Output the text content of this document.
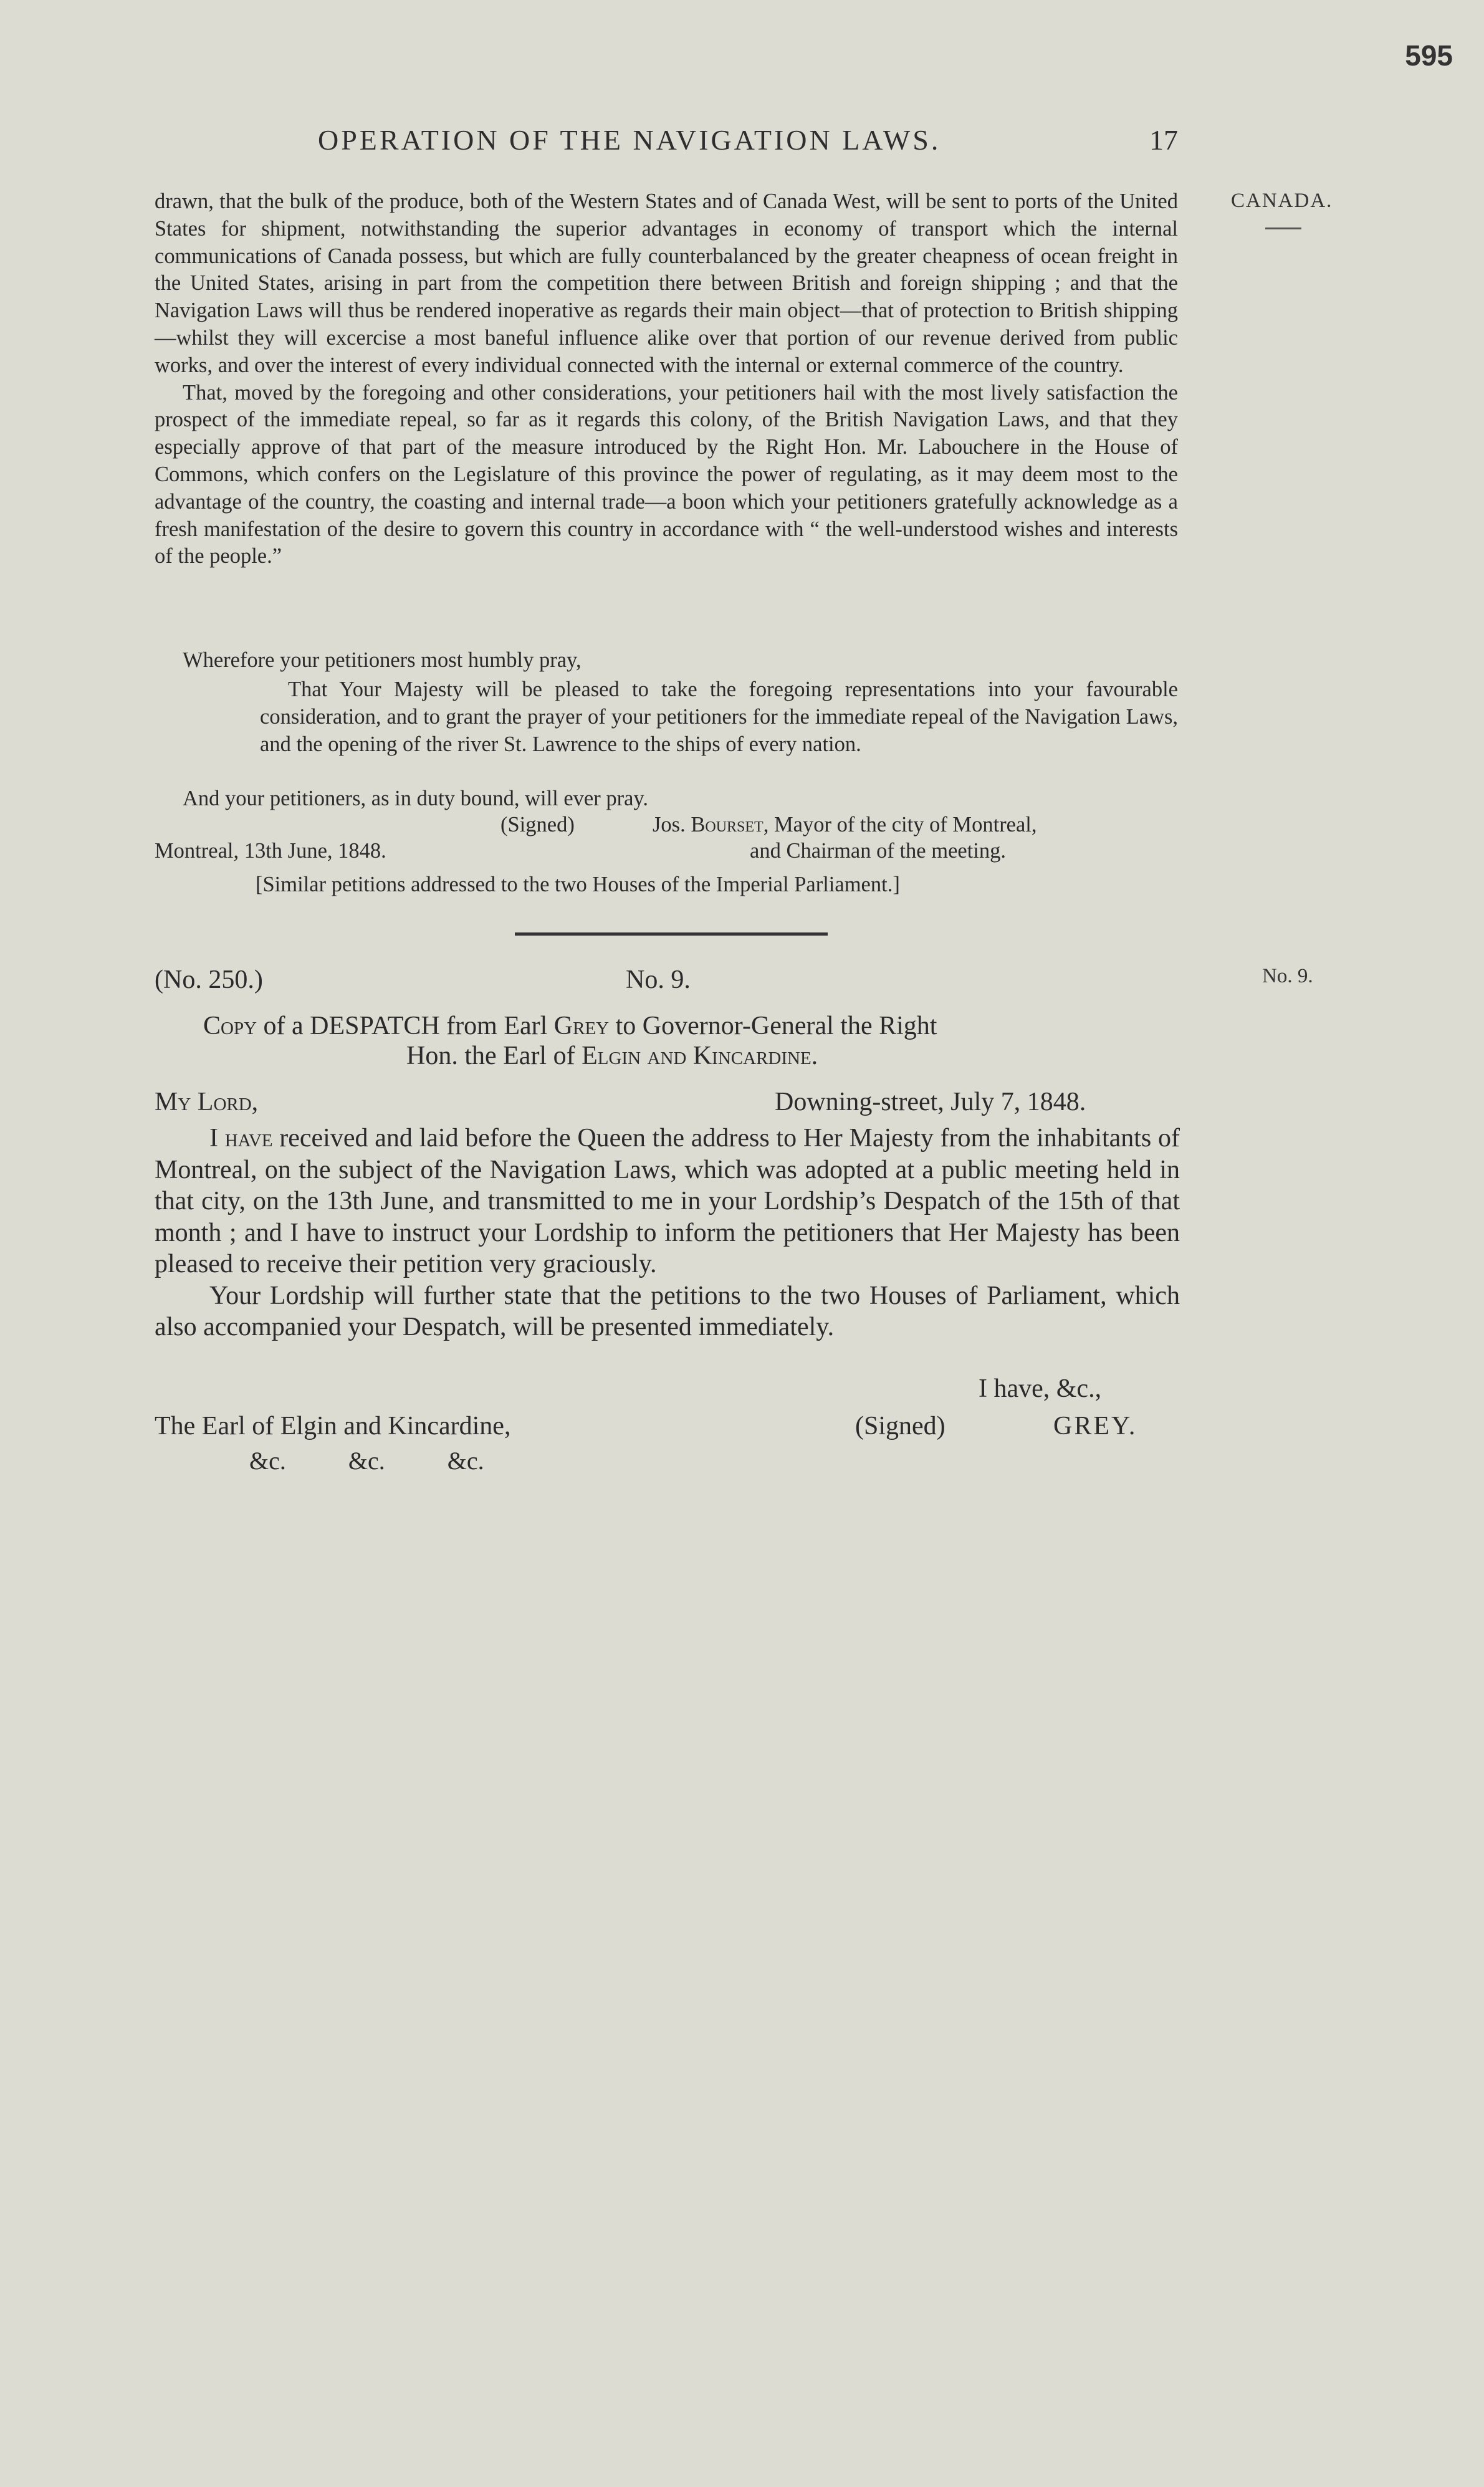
595
OPERATION OF THE NAVIGATION LAWS.	17
CANADA.

drawn, that the bulk of the produce, both of the Western States and of Canada West, will be sent to ports of the United States for shipment, notwithstanding the superior advantages in economy of transport which the internal communications of Canada possess, but which are fully counterbalanced by the greater cheapness of ocean freight in the United States, arising in part from the competition there between British and foreign shipping ; and that the Navigation Laws will thus be rendered inoperative as regards their main object—that of protection to British shipping—whilst they will excercise a most baneful influence alike over that portion of our revenue derived from public works, and over the interest of every individual connected with the internal or external commerce of the country.

That, moved by the foregoing and other considerations, your petitioners hail with the most lively satisfaction the prospect of the immediate repeal, so far as it regards this colony, of the British Navigation Laws, and that they especially approve of that part of the measure introduced by the Right Hon. Mr. Labouchere in the House of Commons, which confers on the Legislature of this province the power of regulating, as it may deem most to the advantage of the country, the coasting and internal trade—a boon which your petitioners gratefully acknowledge as a fresh manifestation of the desire to govern this country in accordance with “ the well-understood wishes and interests of the people.”

Wherefore your petitioners most humbly pray,
That Your Majesty will be pleased to take the foregoing representations into your favourable consideration, and to grant the prayer of your petitioners for the immediate repeal of the Navigation Laws, and the opening of the river St. Lawrence to the ships of every nation.
And your petitioners, as in duty bound, will ever pray.
(Signed)	Jos. Bourset, Mayor of the city of Montreal,
Montreal, 13th June, 1848.	and Chairman of the meeting.
[Similar petitions addressed to the two Houses of the Imperial Parliament.]
(No. 250.)	No. 9.	No. 9.
Copy of a DESPATCH from Earl Grey to Governor-General the Right
Hon. the Earl of Elgin and Kincardine.
My Lord,	Downing-street, July 7, 1848.

I have received and laid before the Queen the address to Her Majesty from the inhabitants of Montreal, on the subject of the Navigation Laws, which was adopted at a public meeting held in that city, on the 13th June, and transmitted to me in your Lordship’s Despatch of the 15th of that month ; and I have to instruct your Lordship to inform the petitioners that Her Majesty has been pleased to receive their petition very graciously.

Your Lordship will further state that the petitions to the two Houses of Parliament, which also accompanied your Despatch, will be presented immediately.

I have, &c.,
The Earl of Elgin and Kincardine,	(Signed)	GREY.
&c.          &c.          &c.
